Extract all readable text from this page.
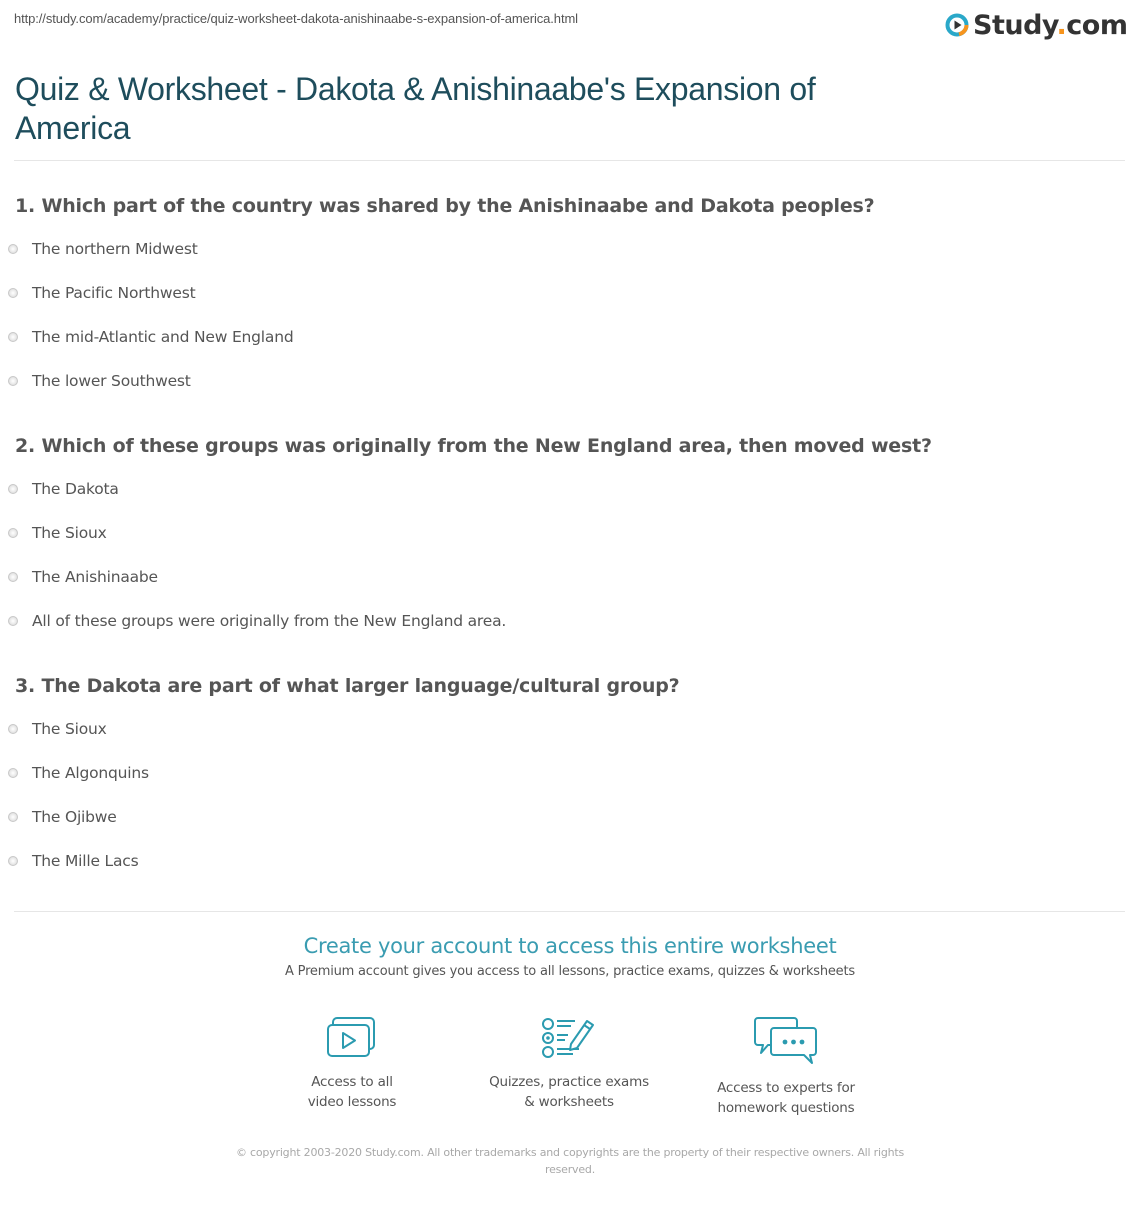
http://study.com/academy/practice/quiz-worksheet-dakota-anishinaabe-s-expansion-of-america.html	Study.com
Quiz & Worksheet - Dakota & Anishinaabe's Expansion of America

1. Which part of the country was shared by the Anishinaabe and Dakota peoples?

The northern Midwest
The Pacific Northwest
The mid-Atlantic and New England
The lower Southwest

2. Which of these groups was originally from the New England area, then moved west?

The Dakota
The Sioux
The Anishinaabe
All of these groups were originally from the New England area.

3. The Dakota are part of what larger language/cultural group?

The Sioux
The Algonquins
The Ojibwe
The Mille Lacs
Create your account to access this entire worksheet
A Premium account gives you access to all lessons, practice exams, quizzes & worksheets
Access to all
video lessons
Quizzes, practice exams
& worksheets
Access to experts for
homework questions
© copyright 2003-2020 Study.com. All other trademarks and copyrights are the property of their respective owners. All rights reserved.
